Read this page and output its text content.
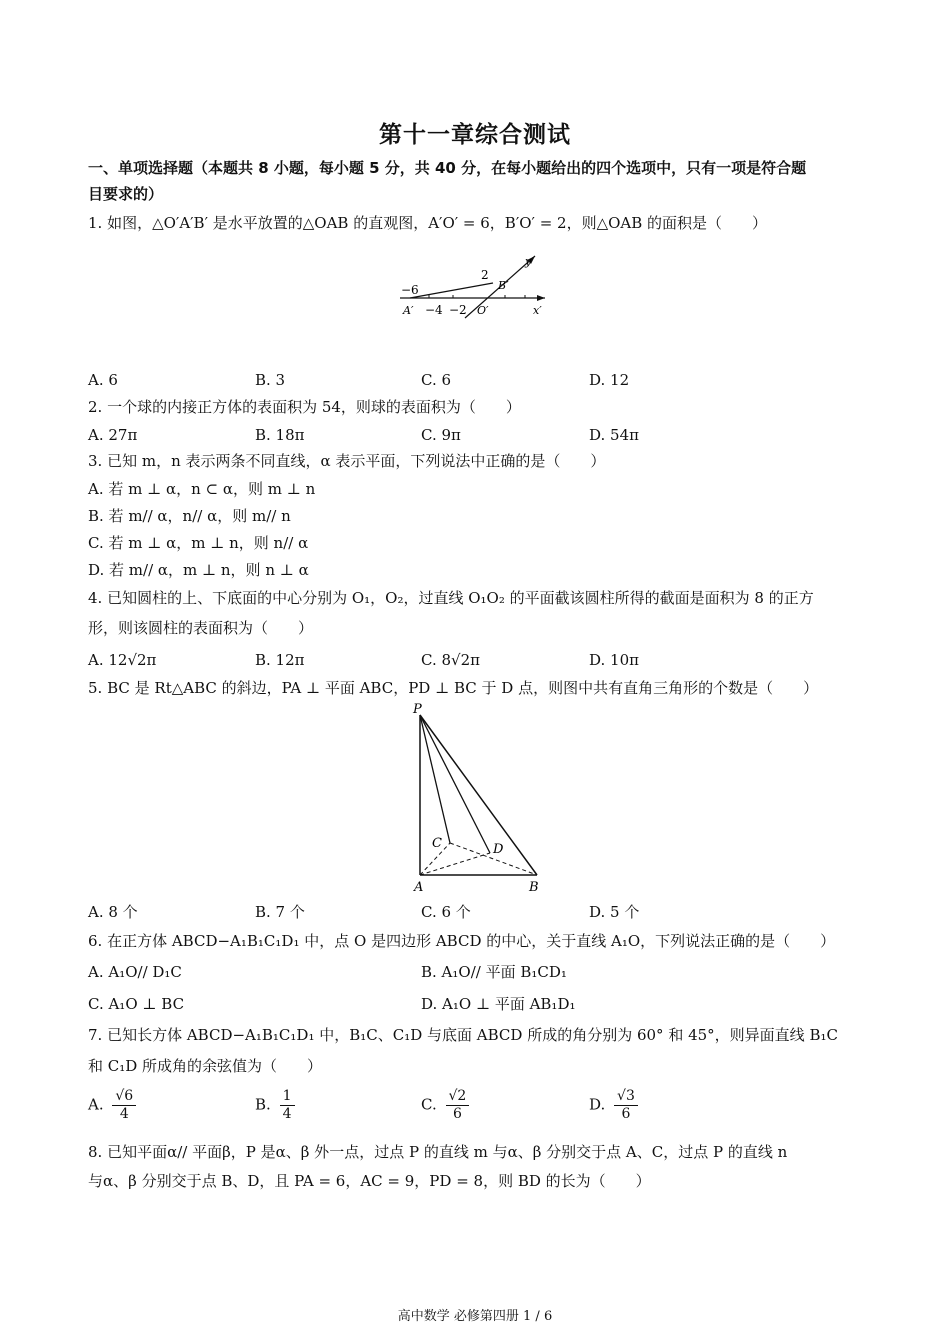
第十一章综合测试
一、单项选择题（本题共 8 小题，每小题 5 分，共 40 分，在每小题给出的四个选项中，只有一项是符合题
目要求的）
1. 如图，△O′A′B′ 是水平放置的△OAB 的直观图，A′O′ = 6，B′O′ = 2，则△OAB 的面积是（　　）
−6
2
y′
B′
A′ −4 −2 O′	x′
A. 6	B. 3	C. 6	D. 12
2. 一个球的内接正方体的表面积为 54，则球的表面积为（　　）
A. 27π	B. 18π	C. 9π	D. 54π
3. 已知 m，n 表示两条不同直线，α 表示平面，下列说法中正确的是（　　）
A. 若 m ⊥ α，n ⊂ α，则 m ⊥ n
B. 若 m// α，n// α，则 m// n
C. 若 m ⊥ α，m ⊥ n，则 n// α
D. 若 m// α，m ⊥ n，则 n ⊥ α
4. 已知圆柱的上、下底面的中心分别为 O₁，O₂，过直线 O₁O₂ 的平面截该圆柱所得的截面是面积为 8 的正方
形，则该圆柱的表面积为（　　）
A. 12√2π	B. 12π	C. 8√2π	D. 10π
5. BC 是 Rt△ABC 的斜边，PA ⊥ 平面 ABC，PD ⊥ BC 于 D 点，则图中共有直角三角形的个数是（　　）
P
C	D
A	B
A. 8 个	B. 7 个	C. 6 个	D. 5 个
6. 在正方体 ABCD−A₁B₁C₁D₁ 中，点 O 是四边形 ABCD 的中心，关于直线 A₁O，下列说法正确的是（　　）
A. A₁O// D₁C	B. A₁O// 平面 B₁CD₁
C. A₁O ⊥ BC	D. A₁O ⊥ 平面 AB₁D₁
7. 已知长方体 ABCD−A₁B₁C₁D₁ 中，B₁C、C₁D 与底面 ABCD 所成的角分别为 60° 和 45°，则异面直线 B₁C
和 C₁D 所成角的余弦值为（　　）
A. $\frac{√6}{4}$	B. $\frac{1}{4}$	C. $\frac{√2}{6}$	D. $\frac{√3}{6}$
8. 已知平面α// 平面β，P 是α、β 外一点，过点 P 的直线 m 与α、β 分别交于点 A、C，过点 P 的直线 n
与α、β 分别交于点 B、D，且 PA = 6，AC = 9，PD = 8，则 BD 的长为（　　）
高中数学 必修第四册 1 / 6
